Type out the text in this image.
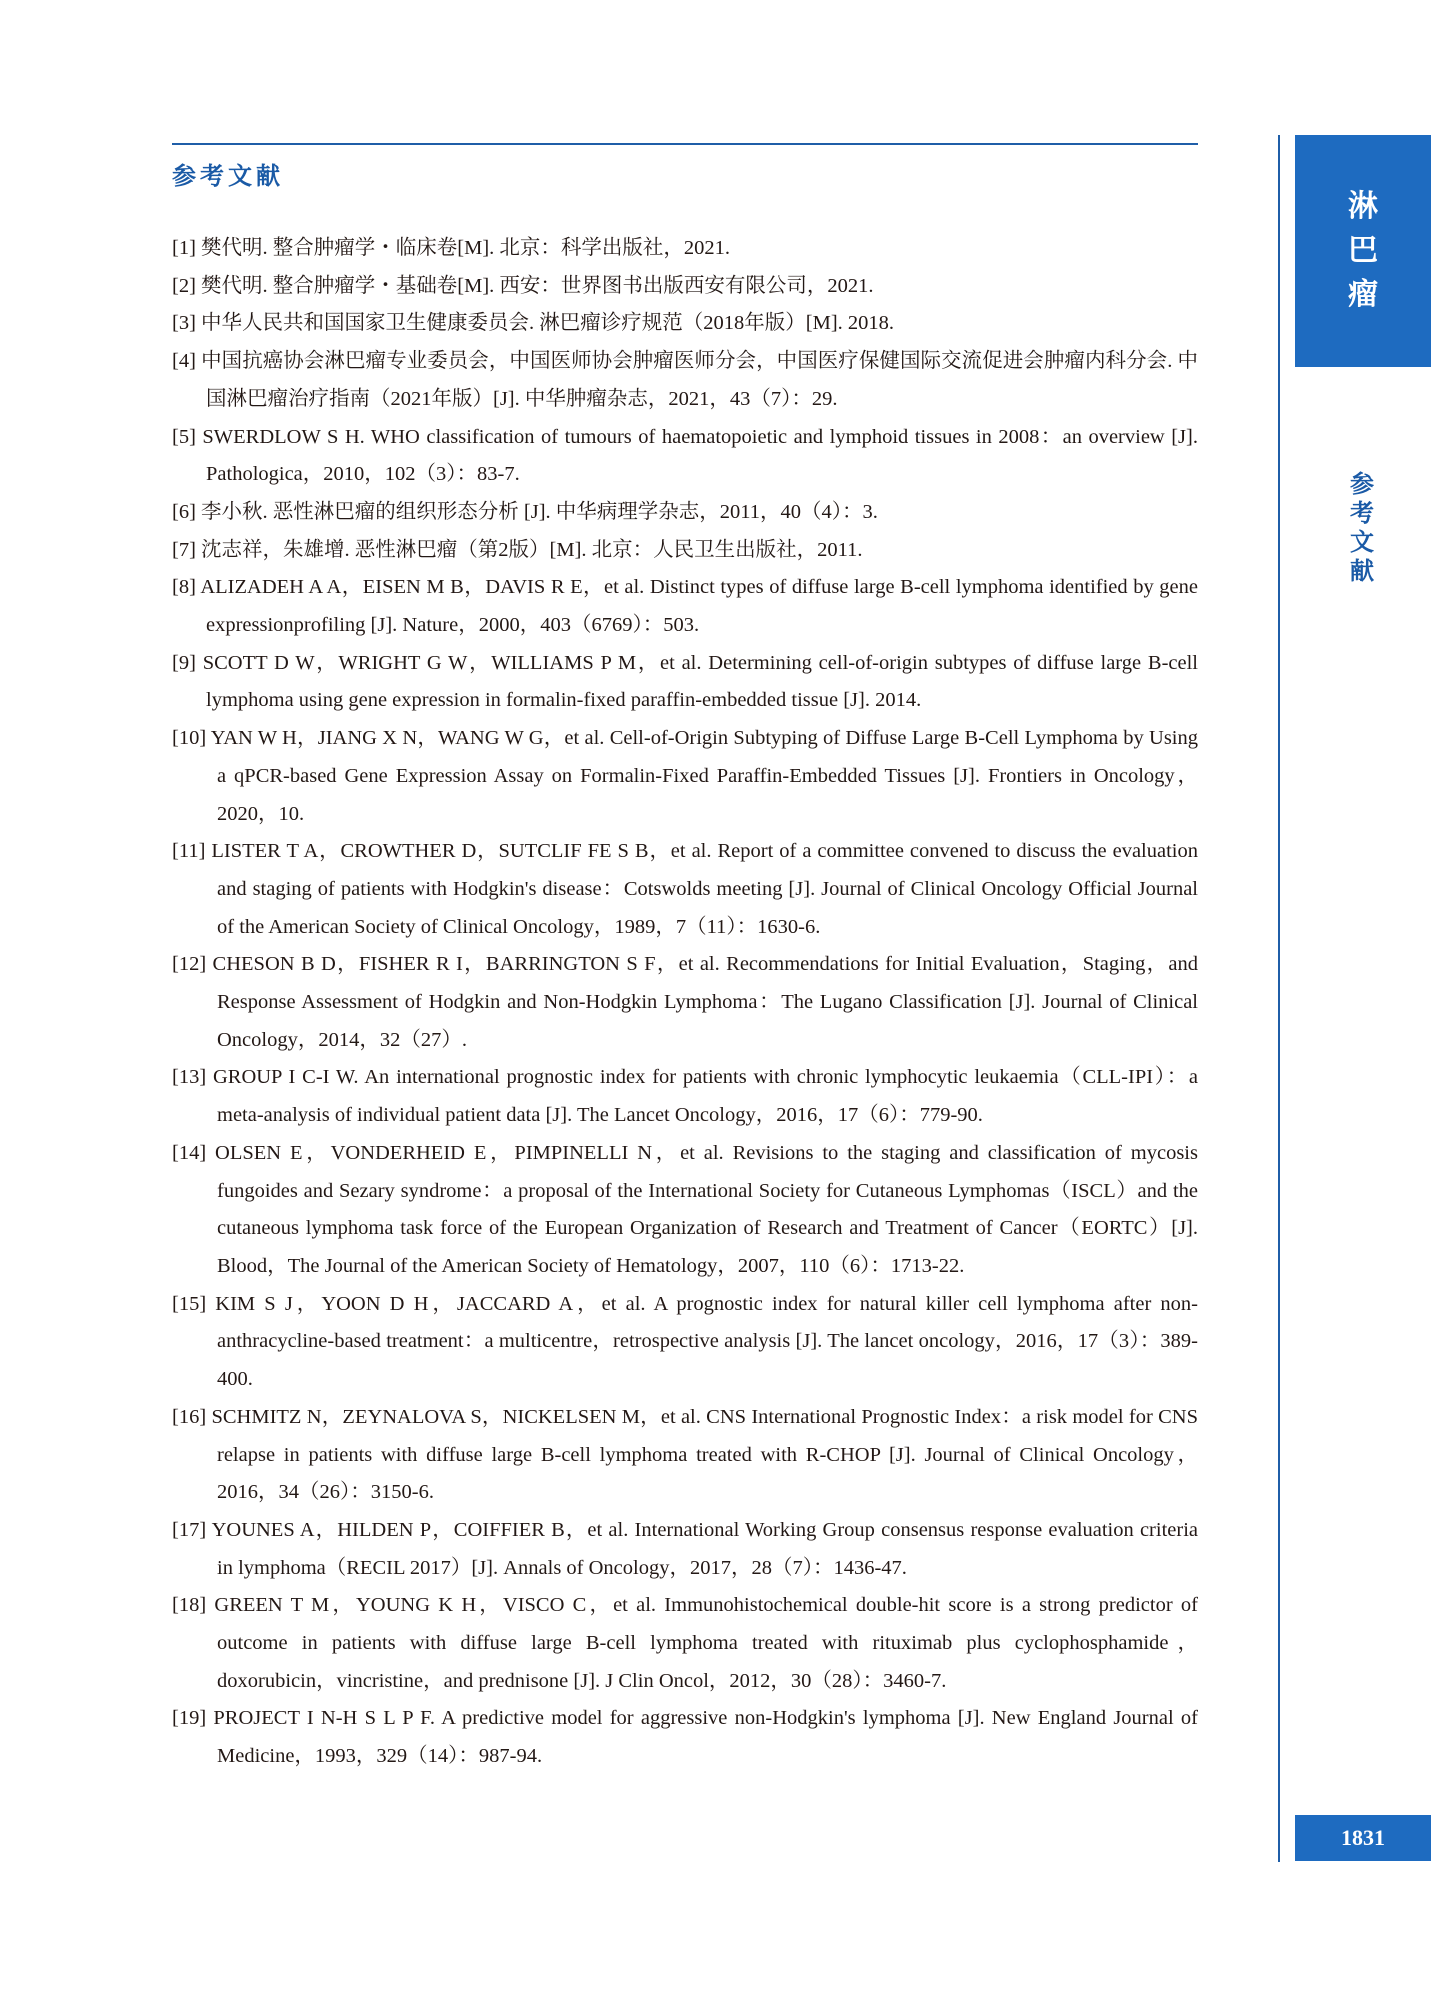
参考文献
[1] 樊代明. 整合肿瘤学・临床卷[M]. 北京：科学出版社，2021.
[2] 樊代明. 整合肿瘤学・基础卷[M]. 西安：世界图书出版西安有限公司，2021.
[3] 中华人民共和国国家卫生健康委员会. 淋巴瘤诊疗规范（2018年版）[M]. 2018.
[4] 中国抗癌协会淋巴瘤专业委员会，中国医师协会肿瘤医师分会，中国医疗保健国际交流促进会肿瘤内科分会. 中国淋巴瘤治疗指南（2021年版）[J]. 中华肿瘤杂志，2021，43（7）：29.
[5] SWERDLOW S H. WHO classification of tumours of haematopoietic and lymphoid tissues in 2008：an overview [J]. Pathologica，2010，102（3）：83-7.
[6] 李小秋. 恶性淋巴瘤的组织形态分析 [J]. 中华病理学杂志，2011，40（4）：3.
[7] 沈志祥，朱雄增. 恶性淋巴瘤（第2版）[M]. 北京：人民卫生出版社，2011.
[8] ALIZADEH A A，EISEN M B，DAVIS R E，et al. Distinct types of diffuse large B-cell lymphoma identified by gene expressionprofiling [J]. Nature，2000，403（6769）：503.
[9] SCOTT D W，WRIGHT G W，WILLIAMS P M，et al. Determining cell-of-origin subtypes of diffuse large B-cell lymphoma using gene expression in formalin-fixed paraffin-embedded tissue [J]. 2014.
[10] YAN W H，JIANG X N，WANG W G，et al. Cell-of-Origin Subtyping of Diffuse Large B-Cell Lymphoma by Using a qPCR-based Gene Expression Assay on Formalin-Fixed Paraffin-Embedded Tissues [J]. Frontiers in Oncology，2020，10.
[11] LISTER T A，CROWTHER D，SUTCLIF FE S B，et al. Report of a committee convened to discuss the evaluation and staging of patients with Hodgkin's disease：Cotswolds meeting [J]. Journal of Clinical Oncology Official Journal of the American Society of Clinical Oncology，1989，7（11）：1630-6.
[12] CHESON B D，FISHER R I，BARRINGTON S F，et al. Recommendations for Initial Evaluation，Staging，and Response Assessment of Hodgkin and Non-Hodgkin Lymphoma：The Lugano Classification [J]. Journal of Clinical Oncology，2014，32（27）.
[13] GROUP I C-I W. An international prognostic index for patients with chronic lymphocytic leukaemia（CLL-IPI）：a meta-analysis of individual patient data [J]. The Lancet Oncology，2016，17（6）：779-90.
[14] OLSEN E，VONDERHEID E，PIMPINELLI N，et al. Revisions to the staging and classification of mycosis fungoides and Sezary syndrome：a proposal of the International Society for Cutaneous Lymphomas（ISCL）and the cutaneous lymphoma task force of the European Organization of Research and Treatment of Cancer（EORTC）[J]. Blood，The Journal of the American Society of Hematology，2007，110（6）：1713-22.
[15] KIM S J，YOON D H，JACCARD A，et al. A prognostic index for natural killer cell lymphoma after non-anthracycline-based treatment：a multicentre，retrospective analysis [J]. The lancet oncology，2016，17（3）：389-400.
[16] SCHMITZ N，ZEYNALOVA S，NICKELSEN M，et al. CNS International Prognostic Index：a risk model for CNS relapse in patients with diffuse large B-cell lymphoma treated with R-CHOP [J]. Journal of Clinical Oncology，2016，34（26）：3150-6.
[17] YOUNES A，HILDEN P，COIFFIER B，et al. International Working Group consensus response evaluation criteria in lymphoma（RECIL 2017）[J]. Annals of Oncology，2017，28（7）：1436-47.
[18] GREEN T M，YOUNG K H，VISCO C，et al. Immunohistochemical double-hit score is a strong predictor of outcome in patients with diffuse large B-cell lymphoma treated with rituximab plus cyclophosphamide，doxorubicin，vincristine，and prednisone [J]. J Clin Oncol，2012，30（28）：3460-7.
[19] PROJECT I N-H S L P F. A predictive model for aggressive non-Hodgkin's lymphoma [J]. New England Journal of Medicine，1993，329（14）：987-94.
淋
巴
瘤
参
考
文
献
1831
